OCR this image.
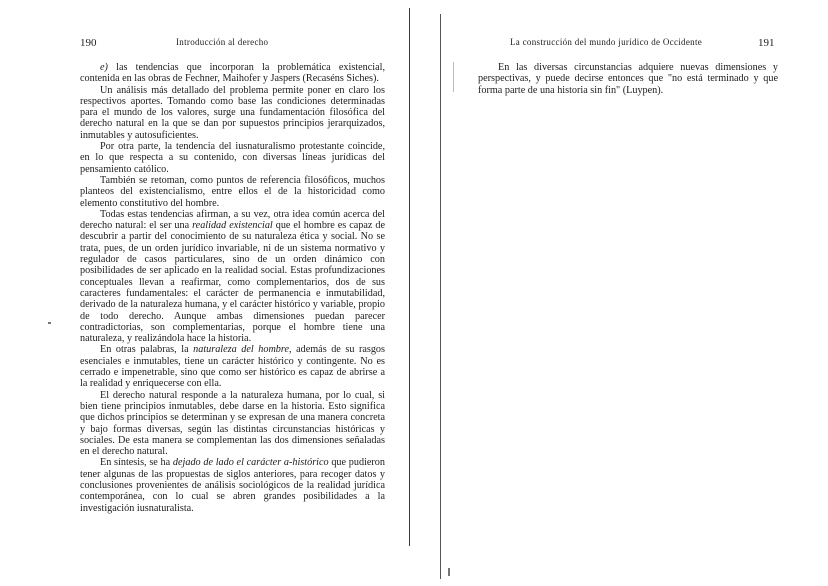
190	Introducción al derecho

e) las tendencias que incorporan la problemática existencial, contenida en las obras de Fechner, Maihofer y Jaspers (Recaséns Siches).

Un análisis más detallado del problema permite poner en claro los respectivos aportes. Tomando como base las condiciones determinadas para el mundo de los valores, surge una fundamentación filosófica del derecho natural en la que se dan por supuestos principios jerarquizados, inmutables y autosuficientes.

Por otra parte, la tendencia del iusnaturalismo protestante coincide, en lo que respecta a su contenido, con diversas líneas jurídicas del pensamiento católico.

También se retoman, como puntos de referencia filosóficos, muchos planteos del existencialismo, entre ellos el de la historicidad como elemento constitutivo del hombre.

Todas estas tendencias afirman, a su vez, otra idea común acerca del derecho natural: el ser una realidad existencial que el hombre es capaz de descubrir a partir del conocimiento de su naturaleza ética y social. No se trata, pues, de un orden jurídico invariable, ni de un sistema normativo y regulador de casos particulares, sino de un orden dinámico con posibilidades de ser aplicado en la realidad social. Estas profundizaciones conceptuales llevan a reafirmar, como complementarios, dos de sus caracteres fundamentales: el carácter de permanencia e inmutabilidad, derivado de la naturaleza humana, y el carácter histórico y variable, propio de todo derecho. Aunque ambas dimensiones puedan parecer contradictorias, son complementarias, porque el hombre tiene una naturaleza, y realizándola hace la historia.

En otras palabras, la naturaleza del hombre, además de su rasgos esenciales e inmutables, tiene un carácter histórico y contingente. No es cerrado e impenetrable, sino que como ser histórico es capaz de abrirse a la realidad y enriquecerse con ella.

El derecho natural responde a la naturaleza humana, por lo cual, si bien tiene principios inmutables, debe darse en la historia. Esto significa que dichos principios se determinan y se expresan de una manera concreta y bajo formas diversas, según las distintas circunstancias históricas y sociales. De esta manera se complementan las dos dimensiones señaladas en el derecho natural.

En síntesis, se ha dejado de lado el carácter a-histórico que pudieron tener algunas de las propuestas de siglos anteriores, para recoger datos y conclusiones provenientes de análisis sociológicos de la realidad jurídica contemporánea, con lo cual se abren grandes posibilidades a la investigación iusnaturalista.

La construcción del mundo jurídico de Occidente	191

En las diversas circunstancias adquiere nuevas dimensiones y perspectivas, y puede decirse entonces que "no está terminado y que forma parte de una historia sin fin" (Luypen).
